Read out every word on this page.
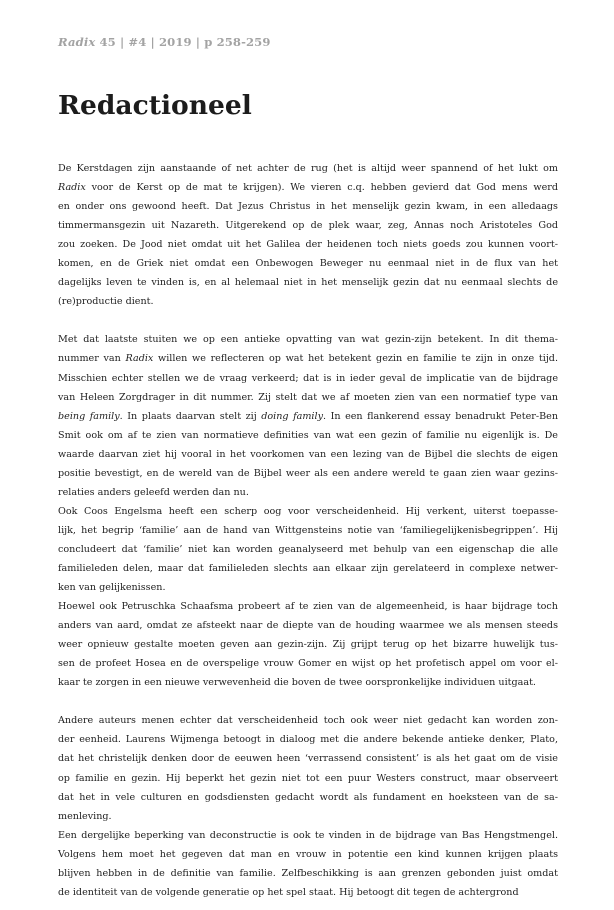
Radix 45 | #4 | 2019 | p 258-259
Redactioneel
De Kerstdagen zijn aanstaande of net achter de rug (het is altijd weer spannend of het lukt om
Radix voor de Kerst op de mat te krijgen). We vieren c.q. hebben gevierd dat God mens werd
en onder ons gewoond heeft. Dat Jezus Christus in het menselijk gezin kwam, in een alledaags
timmermansgezin uit Nazareth. Uitgerekend op de plek waar, zeg, Annas noch Aristoteles God
zou zoeken. De Jood niet omdat uit het Galilea der heidenen toch niets goeds zou kunnen voort-
komen, en de Griek niet omdat een Onbewogen Beweger nu eenmaal niet in de flux van het
dagelijks leven te vinden is, en al helemaal niet in het menselijk gezin dat nu eenmaal slechts de
(re)productie dient.
Met dat laatste stuiten we op een antieke opvatting van wat gezin-zijn betekent. In dit thema-
nummer van Radix willen we reflecteren op wat het betekent gezin en familie te zijn in onze tijd.
Misschien echter stellen we de vraag verkeerd; dat is in ieder geval de implicatie van de bijdrage
van Heleen Zorgdrager in dit nummer. Zij stelt dat we af moeten zien van een normatief type van
being family. In plaats daarvan stelt zij doing family. In een flankerend essay benadrukt Peter-Ben
Smit ook om af te zien van normatieve definities van wat een gezin of familie nu eigenlijk is. De
waarde daarvan ziet hij vooral in het voorkomen van een lezing van de Bijbel die slechts de eigen
positie bevestigt, en de wereld van de Bijbel weer als een andere wereld te gaan zien waar gezins-
relaties anders geleefd werden dan nu.
Ook Coos Engelsma heeft een scherp oog voor verscheidenheid. Hij verkent, uiterst toepasse-
lijk, het begrip ‘familie’ aan de hand van Wittgensteins notie van ‘familiegelijkenisbegrippen’. Hij
concludeert dat ‘familie’ niet kan worden geanalyseerd met behulp van een eigenschap die alle
familieleden delen, maar dat familieleden slechts aan elkaar zijn gerelateerd in complexe netwer-
ken van gelijkenissen.
Hoewel ook Petruschka Schaafsma probeert af te zien van de algemeenheid, is haar bijdrage toch
anders van aard, omdat ze afsteekt naar de diepte van de houding waarmee we als mensen steeds
weer opnieuw gestalte moeten geven aan gezin-zijn. Zij grijpt terug op het bizarre huwelijk tus-
sen de profeet Hosea en de overspelige vrouw Gomer en wijst op het profetisch appel om voor el-
kaar te zorgen in een nieuwe verwevenheid die boven de twee oorspronkelijke individuen uitgaat.
Andere auteurs menen echter dat verscheidenheid toch ook weer niet gedacht kan worden zon-
der eenheid. Laurens Wijmenga betoogt in dialoog met die andere bekende antieke denker, Plato,
dat het christelijk denken door de eeuwen heen ‘verrassend consistent’ is als het gaat om de visie
op familie en gezin. Hij beperkt het gezin niet tot een puur Westers construct, maar observeert
dat het in vele culturen en godsdiensten gedacht wordt als fundament en hoeksteen van de sa-
menleving.
Een dergelijke beperking van deconstructie is ook te vinden in de bijdrage van Bas Hengstmengel.
Volgens hem moet het gegeven dat man en vrouw in potentie een kind kunnen krijgen plaats
blijven hebben in de definitie van familie. Zelfbeschikking is aan grenzen gebonden juist omdat
de identiteit van de volgende generatie op het spel staat. Hij betoogt dit tegen de achtergrond
